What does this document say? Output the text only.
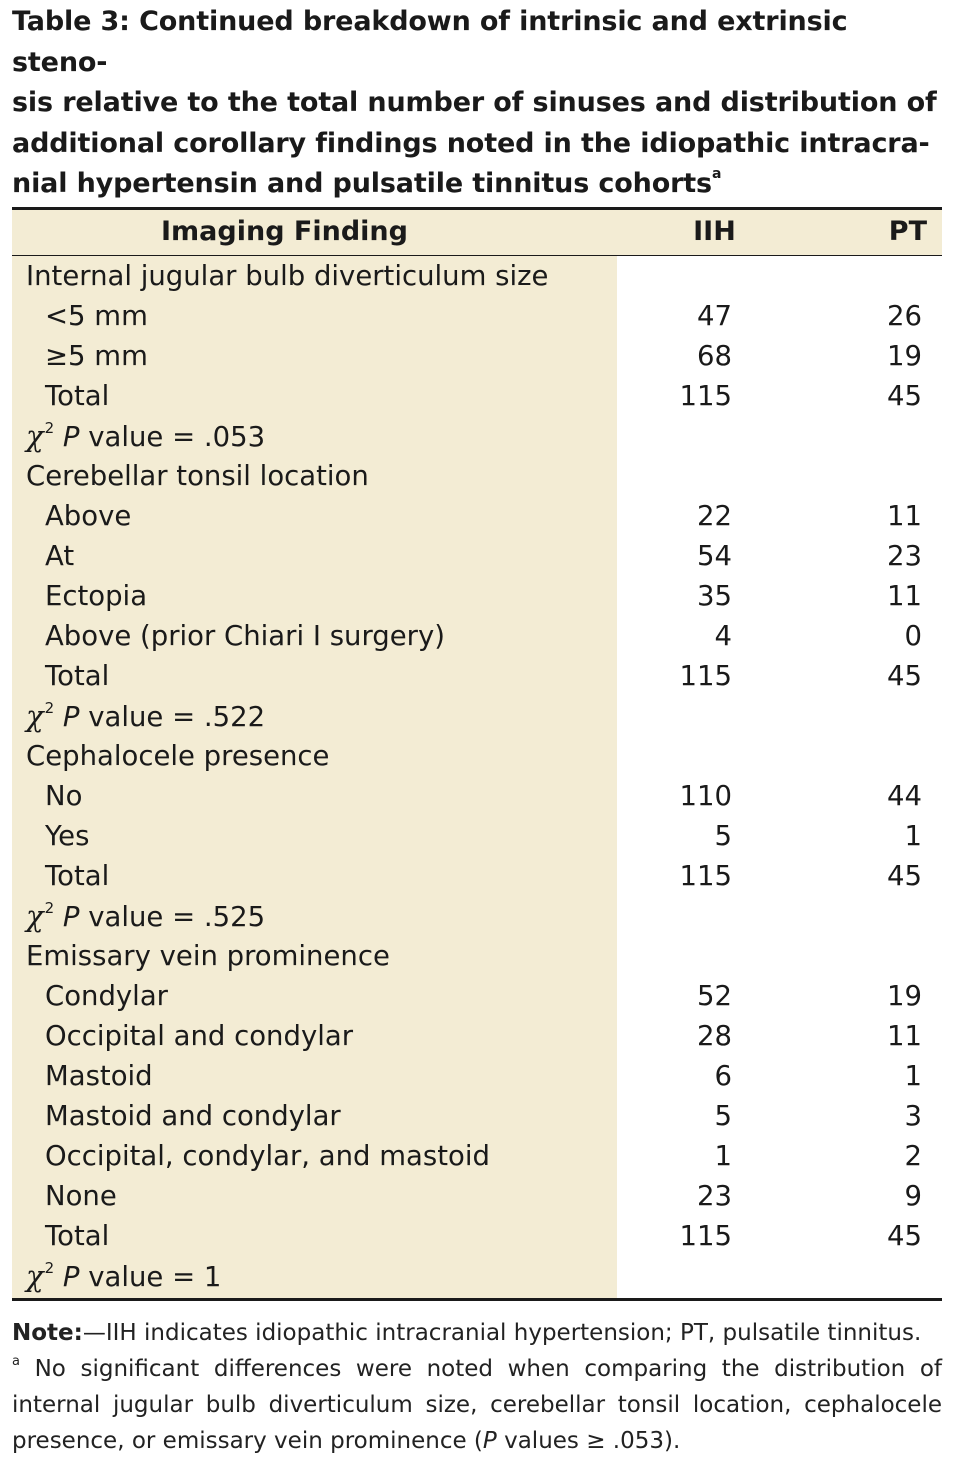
Table 3: Continued breakdown of intrinsic and extrinsic steno-
sis relative to the total number of sinuses and distribution of
additional corollary findings noted in the idiopathic intracra-
nial hypertensin and pulsatile tinnitus cohorts$^a$

Imaging Finding	IIH	PT
Internal jugular bulb diverticulum size
<5 mm	47	26
≥5 mm	68	19
Total	115	45
$\chi^2$ P value = .053
Cerebellar tonsil location
Above	22	11
At	54	23
Ectopia	35	11
Above (prior Chiari I surgery)	4	0
Total	115	45
$\chi^2$ P value = .522
Cephalocele presence
No	110	44
Yes	5	1
Total	115	45
$\chi^2$ P value = .525
Emissary vein prominence
Condylar	52	19
Occipital and condylar	28	11
Mastoid	6	1
Mastoid and condylar	5	3
Occipital, condylar, and mastoid	1	2
None	23	9
Total	115	45
$\chi^2$ P value = 1

Note:—IIH indicates idiopathic intracranial hypertension; PT, pulsatile tinnitus.

$^a$ No significant differences were noted when comparing the distribution of internal jugular bulb diverticulum size, cerebellar tonsil location, cephalocele presence, or emissary vein prominence (P values ≥ .053).
